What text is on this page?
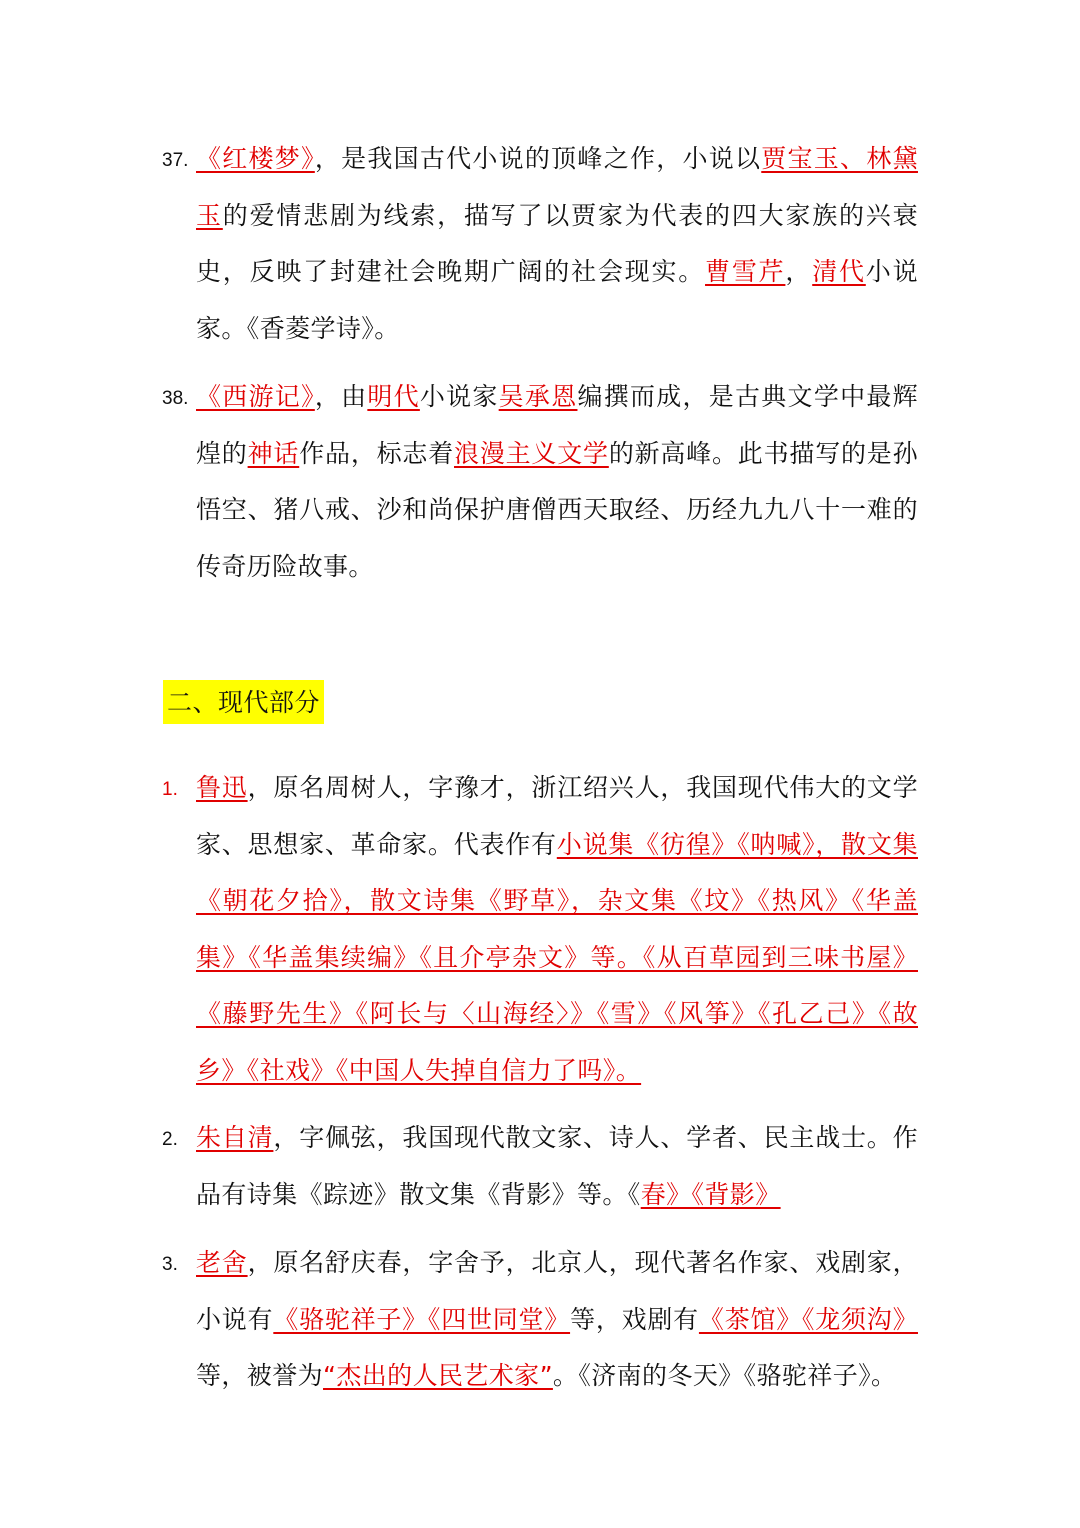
37. 《红楼梦》，是我国古代小说的顶峰之作，小说以贾宝玉、林黛玉的爱情悲剧为线索，描写了以贾家为代表的四大家族的兴衰史，反映了封建社会晚期广阔的社会现实。曹雪芹，清代小说家。《香菱学诗》。
38. 《西游记》，由明代小说家吴承恩编撰而成，是古典文学中最辉煌的神话作品，标志着浪漫主义文学的新高峰。此书描写的是孙悟空、猪八戒、沙和尚保护唐僧西天取经、历经九九八十一难的传奇历险故事。
二、现代部分
1. 鲁迅，原名周树人，字豫才，浙江绍兴人，我国现代伟大的文学家、思想家、革命家。代表作有小说集《彷徨》《呐喊》，散文集《朝花夕拾》，散文诗集《野草》，杂文集《坟》《热风》《华盖集》《华盖集续编》《且介亭杂文》等。《从百草园到三味书屋》《藤野先生》《阿长与〈山海经〉》《雪》《风筝》《孔乙己》《故乡》《社戏》《中国人失掉自信力了吗》。
2. 朱自清，字佩弦，我国现代散文家、诗人、学者、民主战士。作品有诗集《踪迹》散文集《背影》等。《春》《背影》
3. 老舍，原名舒庆春，字舍予，北京人，现代著名作家、戏剧家，小说有《骆驼祥子》《四世同堂》等，戏剧有《茶馆》《龙须沟》等，被誉为“杰出的人民艺术家”。《济南的冬天》《骆驼祥子》。
